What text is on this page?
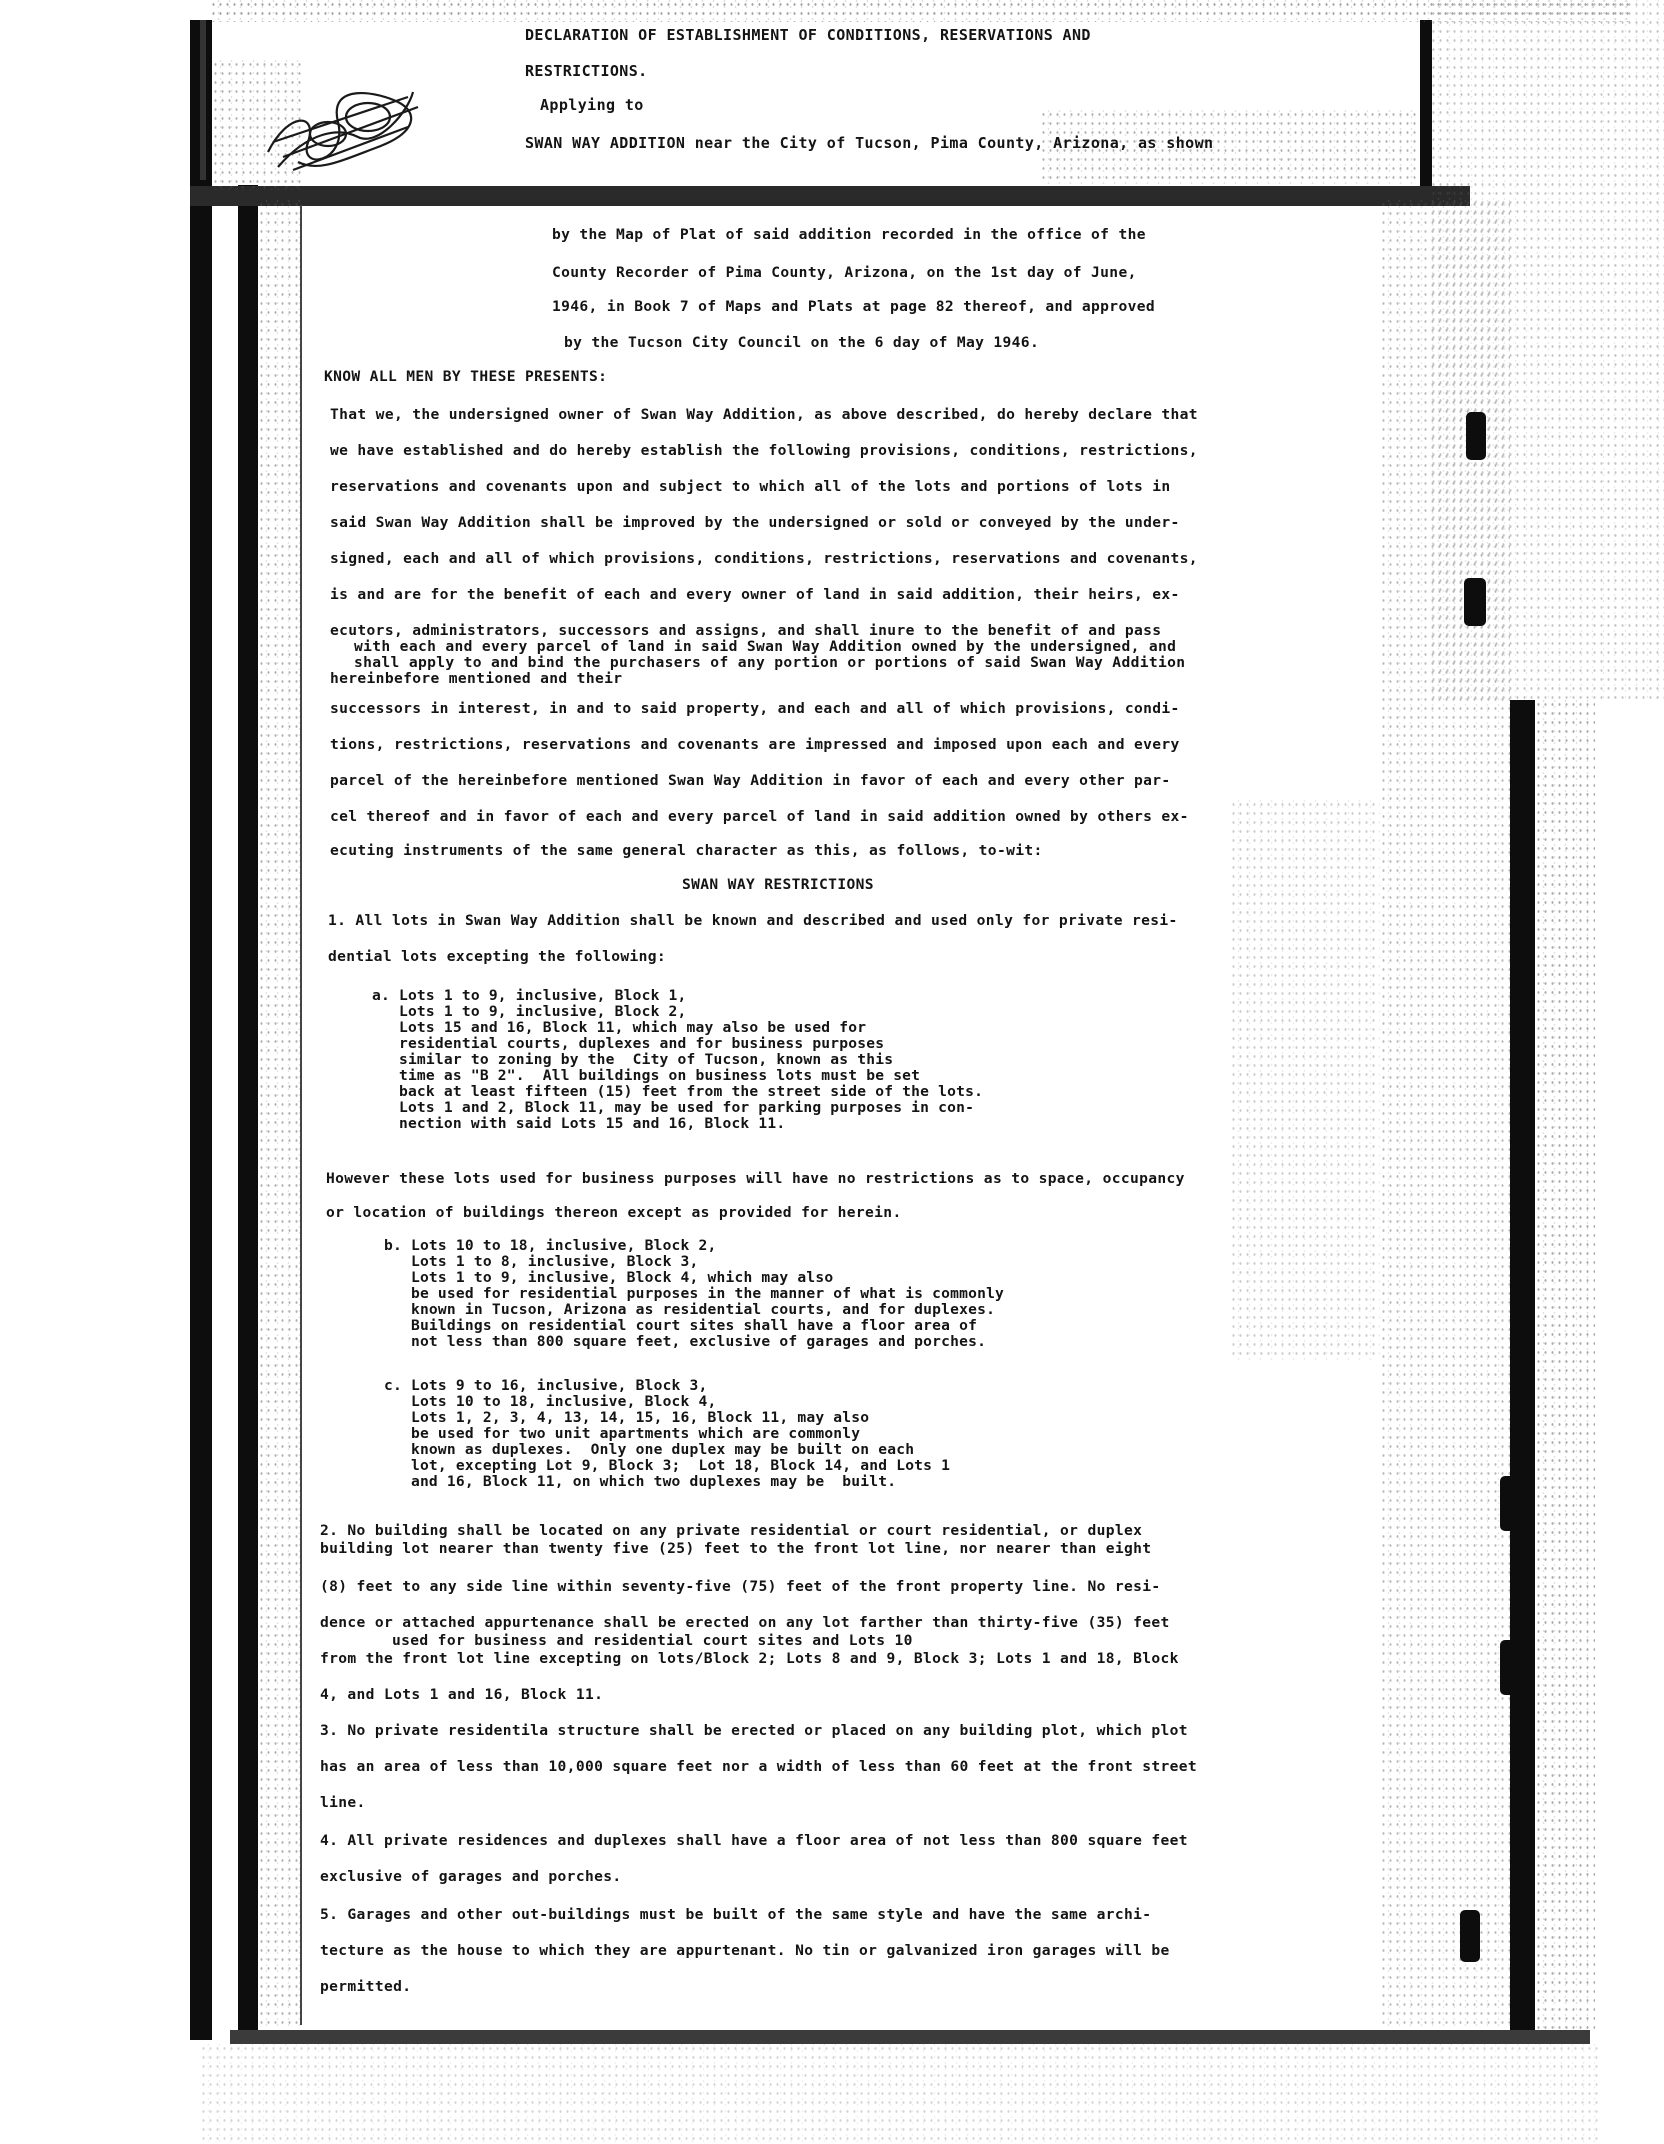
DECLARATION OF ESTABLISHMENT OF CONDITIONS, RESERVATIONS AND
RESTRICTIONS.
Applying to
SWAN WAY ADDITION near the City of Tucson, Pima County, Arizona, as shown
by the Map of Plat of said addition recorded in the office of the
County Recorder of Pima County, Arizona, on the 1st day of June,
1946, in Book 7 of Maps and Plats at page 82 thereof, and approved
by the Tucson City Council on the 6 day of May 1946.
KNOW ALL MEN BY THESE PRESENTS:
That we, the undersigned owner of Swan Way Addition, as above described, do hereby declare that
we have established and do hereby establish the following provisions, conditions, restrictions,
reservations and covenants upon and subject to which all of the lots and portions of lots in
said Swan Way Addition shall be improved by the undersigned or sold or conveyed by the under-
signed, each and all of which provisions, conditions, restrictions, reservations and covenants,
is and are for the benefit of each and every owner of land in said addition, their heirs, ex-
ecutors, administrators, successors and assigns, and shall inure to the benefit of and pass
with each and every parcel of land in said Swan Way Addition owned by the undersigned, and
shall apply to and bind the purchasers of any portion or portions of said Swan Way Addition
hereinbefore mentioned and their
successors in interest, in and to said property, and each and all of which provisions, condi-
tions, restrictions, reservations and covenants are impressed and imposed upon each and every
parcel of the hereinbefore mentioned Swan Way Addition in favor of each and every other par-
cel thereof and in favor of each and every parcel of land in said addition owned by others ex-
ecuting instruments of the same general character as this, as follows, to-wit:
SWAN WAY RESTRICTIONS
1. All lots in Swan Way Addition shall be known and described and used only for private resi-
dential lots excepting the following:
a. Lots 1 to 9, inclusive, Block 1,
Lots 1 to 9, inclusive, Block 2,
Lots 15 and 16, Block 11, which may also be used for
residential courts, duplexes and for business purposes
similar to zoning by the  City of Tucson, known as this
time as "B 2".  All buildings on business lots must be set
back at least fifteen (15) feet from the street side of the lots.
Lots 1 and 2, Block 11, may be used for parking purposes in con-
nection with said Lots 15 and 16, Block 11.
However these lots used for business purposes will have no restrictions as to space, occupancy
or location of buildings thereon except as provided for herein.
b. Lots 10 to 18, inclusive, Block 2,
Lots 1 to 8, inclusive, Block 3,
Lots 1 to 9, inclusive, Block 4, which may also
be used for residential purposes in the manner of what is commonly
known in Tucson, Arizona as residential courts, and for duplexes.
Buildings on residential court sites shall have a floor area of
not less than 800 square feet, exclusive of garages and porches.
c. Lots 9 to 16, inclusive, Block 3,
Lots 10 to 18, inclusive, Block 4,
Lots 1, 2, 3, 4, 13, 14, 15, 16, Block 11, may also
be used for two unit apartments which are commonly
known as duplexes.  Only one duplex may be built on each
lot, excepting Lot 9, Block 3;  Lot 18, Block 14, and Lots 1
and 16, Block 11, on which two duplexes may be  built.
2. No building shall be located on any private residential or court residential, or duplex
building lot nearer than twenty five (25) feet to the front lot line, nor nearer than eight
(8) feet to any side line within seventy-five (75) feet of the front property line. No resi-
dence or attached appurtenance shall be erected on any lot farther than thirty-five (35) feet
used for business and residential court sites and Lots 10
from the front lot line excepting on lots/Block 2; Lots 8 and 9, Block 3; Lots 1 and 18, Block
4, and Lots 1 and 16, Block 11.
3. No private residentila structure shall be erected or placed on any building plot, which plot
has an area of less than 10,000 square feet nor a width of less than 60 feet at the front street
line.
4. All private residences and duplexes shall have a floor area of not less than 800 square feet
exclusive of garages and porches.
5. Garages and other out-buildings must be built of the same style and have the same archi-
tecture as the house to which they are appurtenant. No tin or galvanized iron garages will be
permitted.
